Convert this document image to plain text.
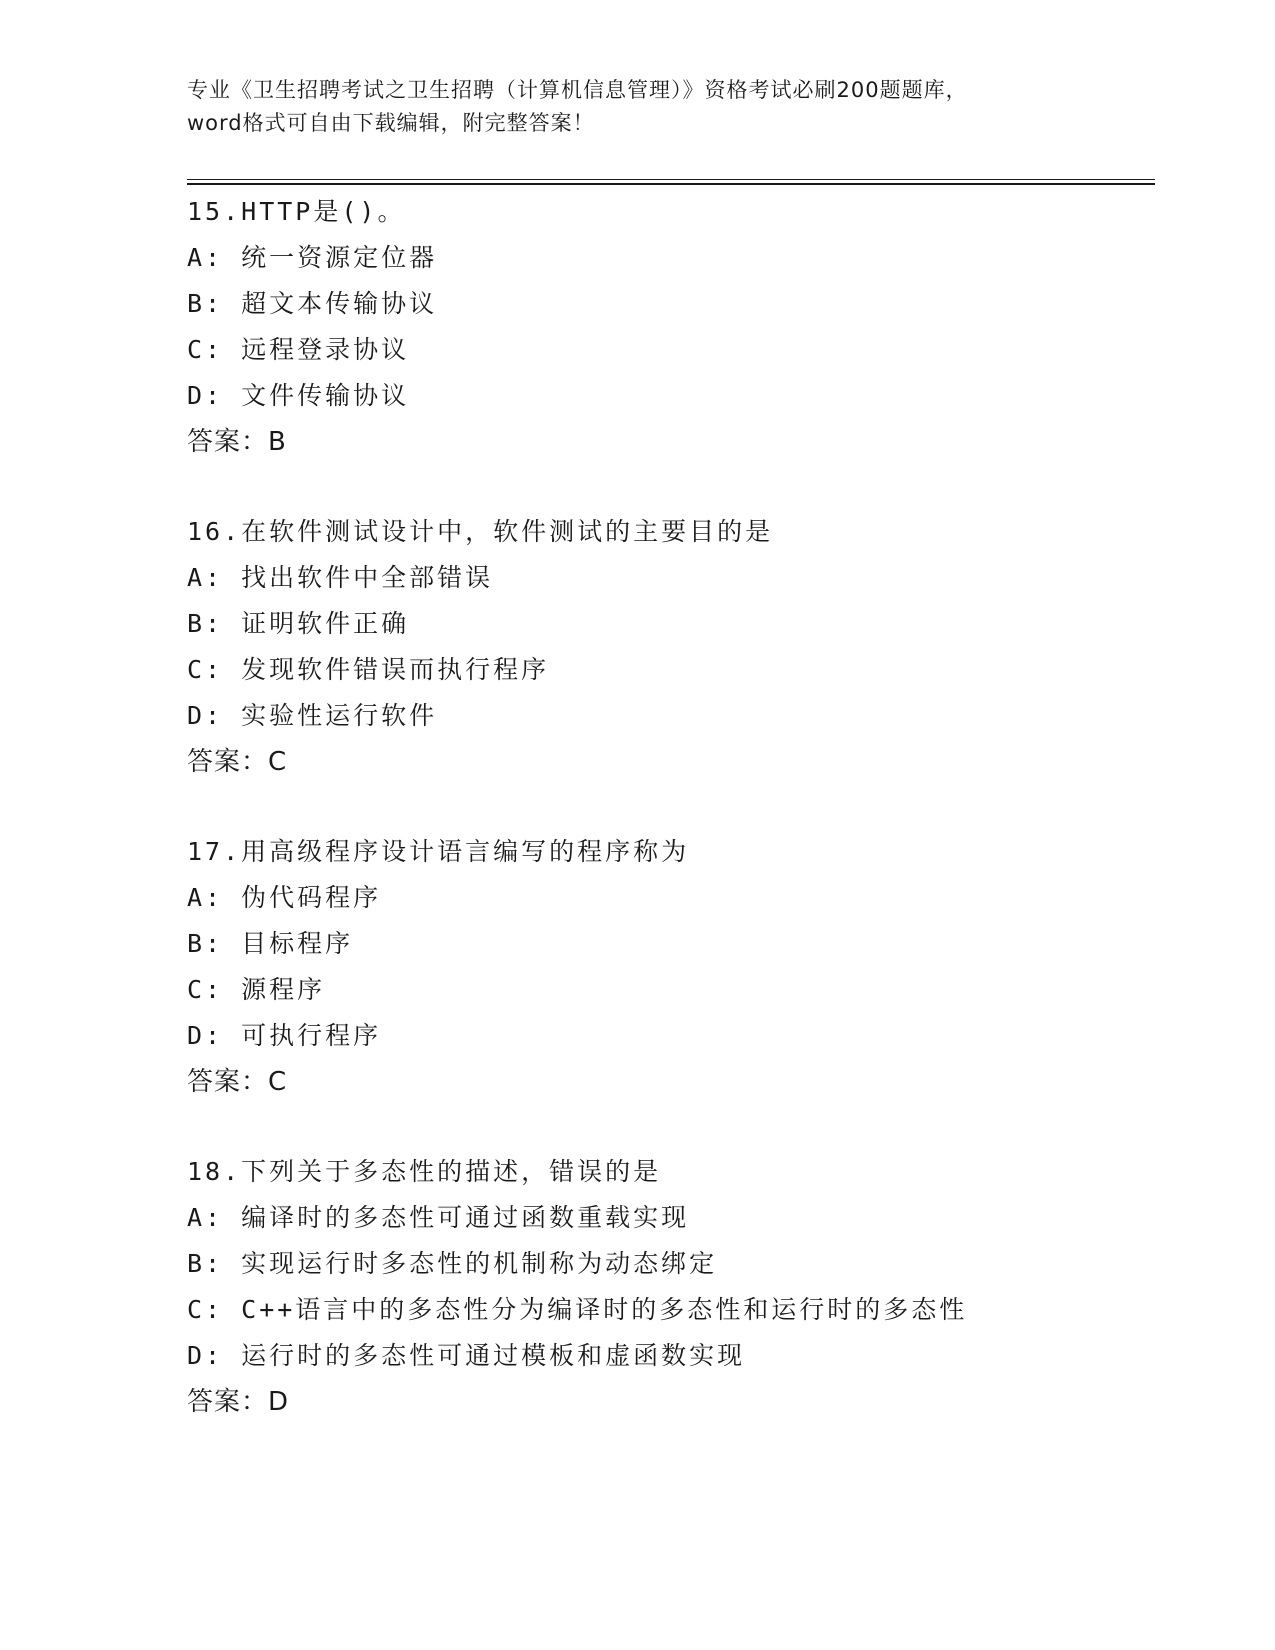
专业《卫生招聘考试之卫生招聘（计算机信息管理）》资格考试必刷200题题库，
word格式可自由下载编辑，附完整答案！
15.HTTP是()。
A: 统一资源定位器
B: 超文本传输协议
C: 远程登录协议
D: 文件传输协议
答案：B
16.在软件测试设计中，软件测试的主要目的是
A: 找出软件中全部错误
B: 证明软件正确
C: 发现软件错误而执行程序
D: 实验性运行软件
答案：C
17.用高级程序设计语言编写的程序称为
A: 伪代码程序
B: 目标程序
C: 源程序
D: 可执行程序
答案：C
18.下列关于多态性的描述，错误的是
A: 编译时的多态性可通过函数重载实现
B: 实现运行时多态性的机制称为动态绑定
C: C++语言中的多态性分为编译时的多态性和运行时的多态性
D: 运行时的多态性可通过模板和虚函数实现
答案：D
